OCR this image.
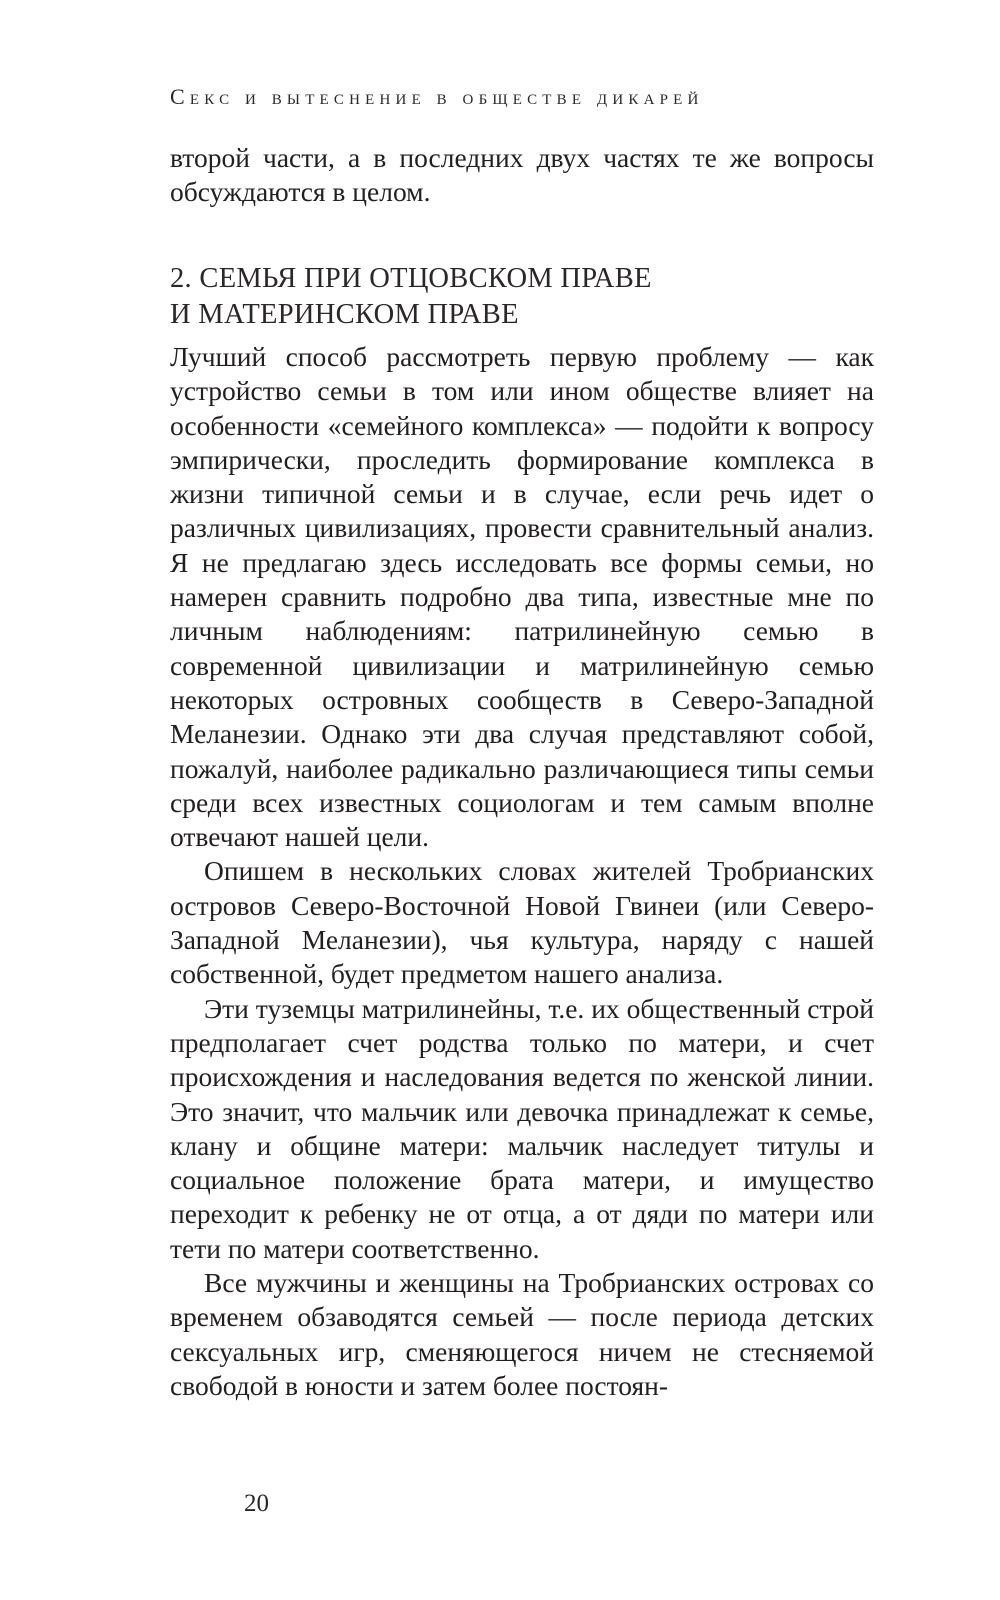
Секс и вытеснение в обществе дикарей

второй части, а в последних двух частях те же вопросы обсуждаются в целом.

2. СЕМЬЯ ПРИ ОТЦОВСКОМ ПРАВЕ
И МАТЕРИНСКОМ ПРАВЕ

Лучший способ рассмотреть первую проблему — как устройство семьи в том или ином обществе влияет на особенности «семейного комплекса» — подойти к вопросу эмпирически, проследить формирование комплекса в жизни типичной семьи и в случае, если речь идет о различных цивилизациях, провести сравнительный анализ. Я не предлагаю здесь исследовать все формы семьи, но намерен сравнить подробно два типа, известные мне по личным наблюдениям: патрилинейную семью в современной цивилизации и матрилинейную семью некоторых островных сообществ в Северо-Западной Меланезии. Однако эти два случая представляют собой, пожалуй, наиболее радикально различающиеся типы семьи среди всех известных социологам и тем самым вполне отвечают нашей цели.

Опишем в нескольких словах жителей Тробрианских островов Северо-Восточной Новой Гвинеи (или Северо-Западной Меланезии), чья культура, наряду с нашей собственной, будет предметом нашего анализа.

Эти туземцы матрилинейны, т.е. их общественный строй предполагает счет родства только по матери, и счет происхождения и наследования ведется по женской линии. Это значит, что мальчик или девочка принадлежат к семье, клану и общине матери: мальчик наследует титулы и социальное положение брата матери, и имущество переходит к ребенку не от отца, а от дяди по матери или тети по матери соответственно.

Все мужчины и женщины на Тробрианских островах со временем обзаводятся семьей — после периода детских сексуальных игр, сменяющегося ничем не стесняемой свободой в юности и затем более постоян-

20
